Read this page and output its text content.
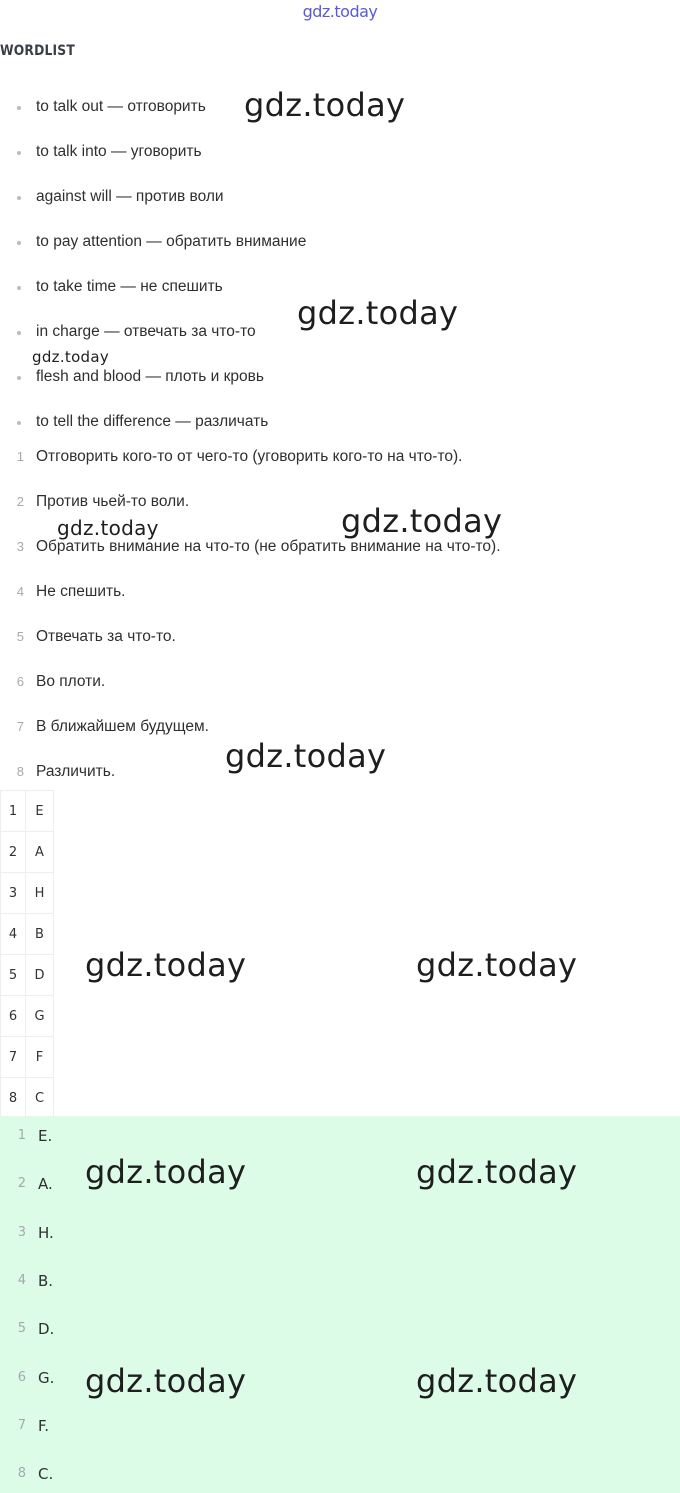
gdz.today
WORDLIST
to talk out — отговорить
to talk into — уговорить
against will — против воли
to pay attention — обратить внимание
to take time — не спешить
in charge — отвечать за что-то
flesh and blood — плоть и кровь
to tell the difference — различать
1 Отговорить кого-то от чего-то (уговорить кого-то на что-то).
2 Против чьей-то воли.
3 Обратить внимание на что-то (не обратить внимание на что-то).
4 Не спешить.
5 Отвечать за что-то.
6 Во плоти.
7 В ближайшем будущем.
8 Различить.
1	E
2	A
3	H
4	B
5	D
6	G
7	F
8	C
1 E.
2 A.
3 H.
4 B.
5 D.
6 G.
7 F.
8 C.
gdz.today
gdz.today
gdz.today
gdz.today	gdz.today
gdz.today
gdz.today	gdz.today
gdz.today	gdz.today
gdz.today	gdz.today
